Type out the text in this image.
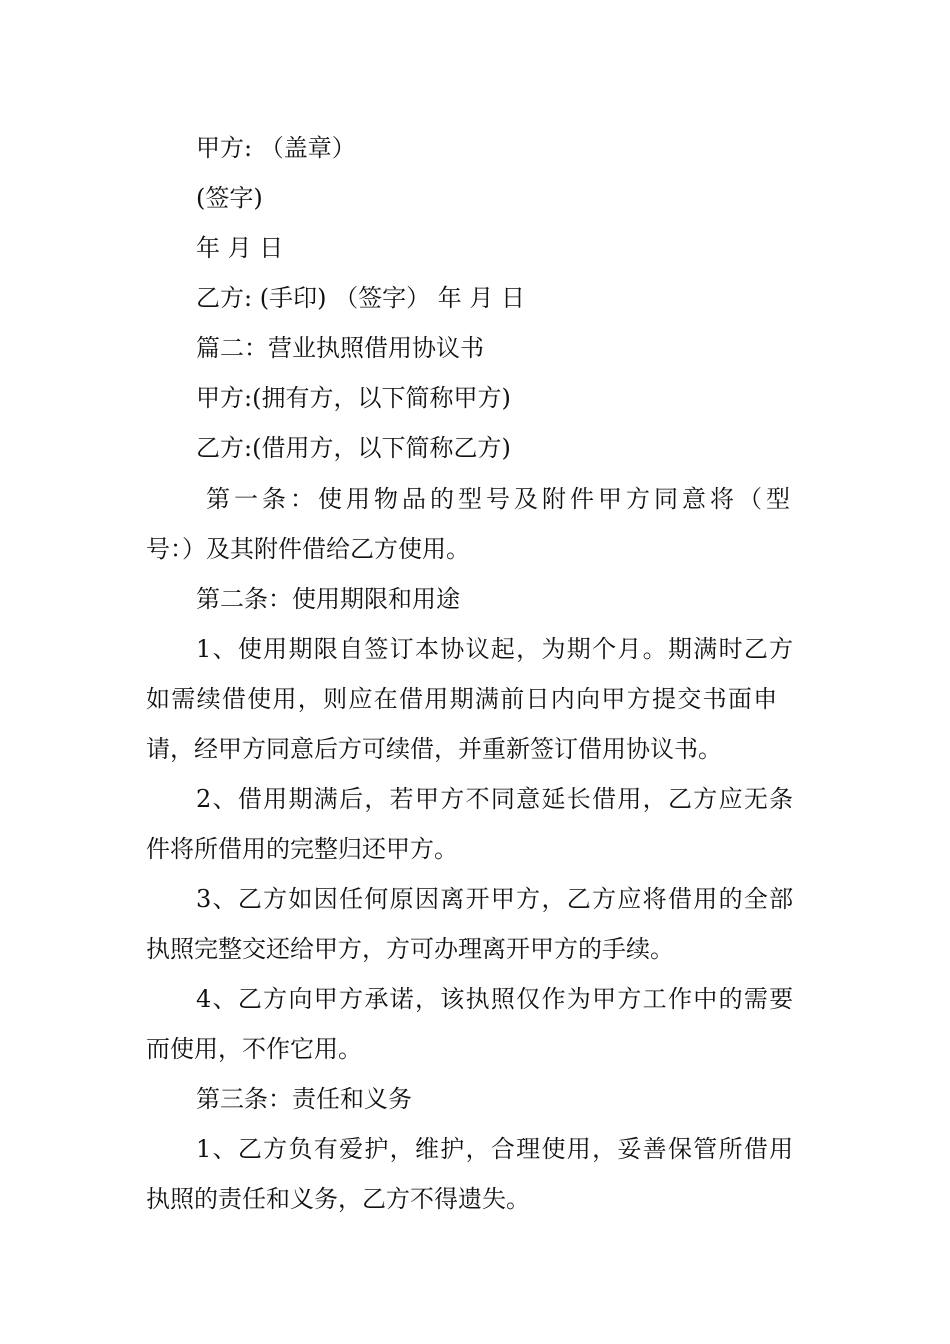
甲方: （盖章）
(签字)
年 月 日
乙方: (手印) （签字） 年 月 日
篇二：营业执照借用协议书
甲方:(拥有方，以下简称甲方)
乙方:(借用方，以下简称乙方)
第一条：使用物品的型号及附件甲方同意将（型
号：）及其附件借给乙方使用。
第二条：使用期限和用途
1、使用期限自签订本协议起，为期个月。期满时乙方
如需续借使用，则应在借用期满前日内向甲方提交书面申
请，经甲方同意后方可续借，并重新签订借用协议书。
2、借用期满后，若甲方不同意延长借用，乙方应无条
件将所借用的完整归还甲方。
3、乙方如因任何原因离开甲方，乙方应将借用的全部
执照完整交还给甲方，方可办理离开甲方的手续。
4、乙方向甲方承诺，该执照仅作为甲方工作中的需要
而使用，不作它用。
第三条：责任和义务
1、乙方负有爱护，维护，合理使用，妥善保管所借用
执照的责任和义务，乙方不得遗失。
